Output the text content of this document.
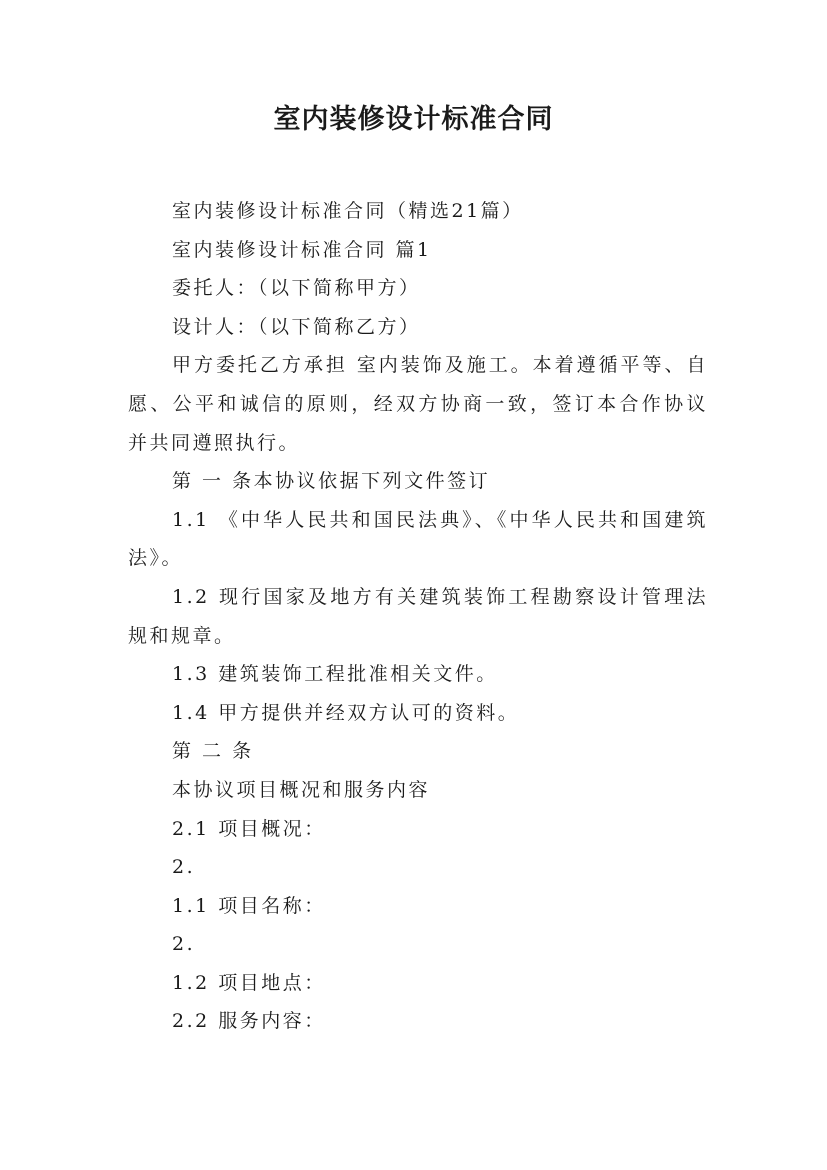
室内装修设计标准合同

室内装修设计标准合同（精选21篇）

室内装修设计标准合同 篇1

委托人：（以下简称甲方）

设计人：（以下简称乙方）

甲方委托乙方承担 室内装饰及施工。本着遵循平等、自愿、公平和诚信的原则，经双方协商一致，签订本合作协议并共同遵照执行。

第 一 条本协议依据下列文件签订

1.1 《中华人民共和国民法典》、《中华人民共和国建筑法》。

1.2 现行国家及地方有关建筑装饰工程勘察设计管理法规和规章。

1.3 建筑装饰工程批准相关文件。

1.4 甲方提供并经双方认可的资料。

第 二 条

本协议项目概况和服务内容

2.1 项目概况：

2.

1.1 项目名称：

2.

1.2 项目地点：

2.2 服务内容：
